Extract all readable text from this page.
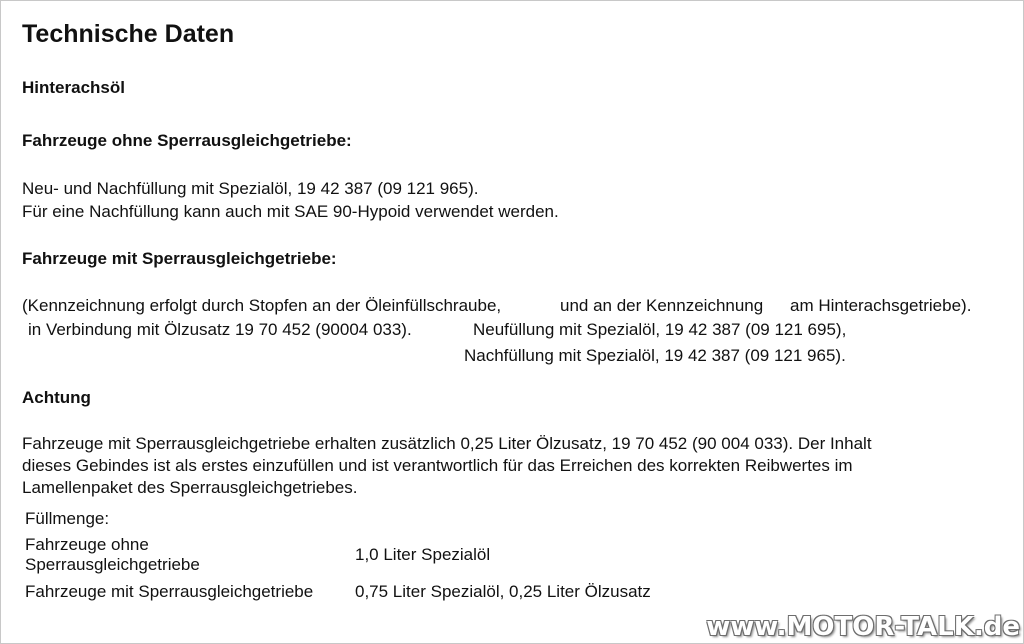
Technische Daten
Hinterachsöl
Fahrzeuge ohne Sperrausgleichgetriebe:
Neu- und Nachfüllung mit Spezialöl, 19 42 387 (09 121 965).
Für eine Nachfüllung kann auch mit SAE 90-Hypoid verwendet werden.
Fahrzeuge mit Sperrausgleichgetriebe:
(Kennzeichnung erfolgt durch Stopfen an der Öleinfüllschraube,	und an der Kennzeichnung am Hinterachsgetriebe).
in Verbindung mit Ölzusatz 19 70 452 (90004 033).	Neufüllung mit Spezialöl, 19 42 387 (09 121 695),
Nachfüllung mit Spezialöl, 19 42 387 (09 121 965).
Achtung
Fahrzeuge mit Sperrausgleichgetriebe erhalten zusätzlich 0,25 Liter Ölzusatz, 19 70 452 (90 004 033). Der Inhalt
dieses Gebindes ist als erstes einzufüllen und ist verantwortlich für das Erreichen des korrekten Reibwertes im
Lamellenpaket des Sperrausgleichgetriebes.
Füllmenge:
Fahrzeuge ohne
Sperrausgleichgetriebe	1,0 Liter Spezialöl
Fahrzeuge mit Sperrausgleichgetriebe	0,75 Liter Spezialöl, 0,25 Liter Ölzusatz
www.MOTOR-TALK.de
